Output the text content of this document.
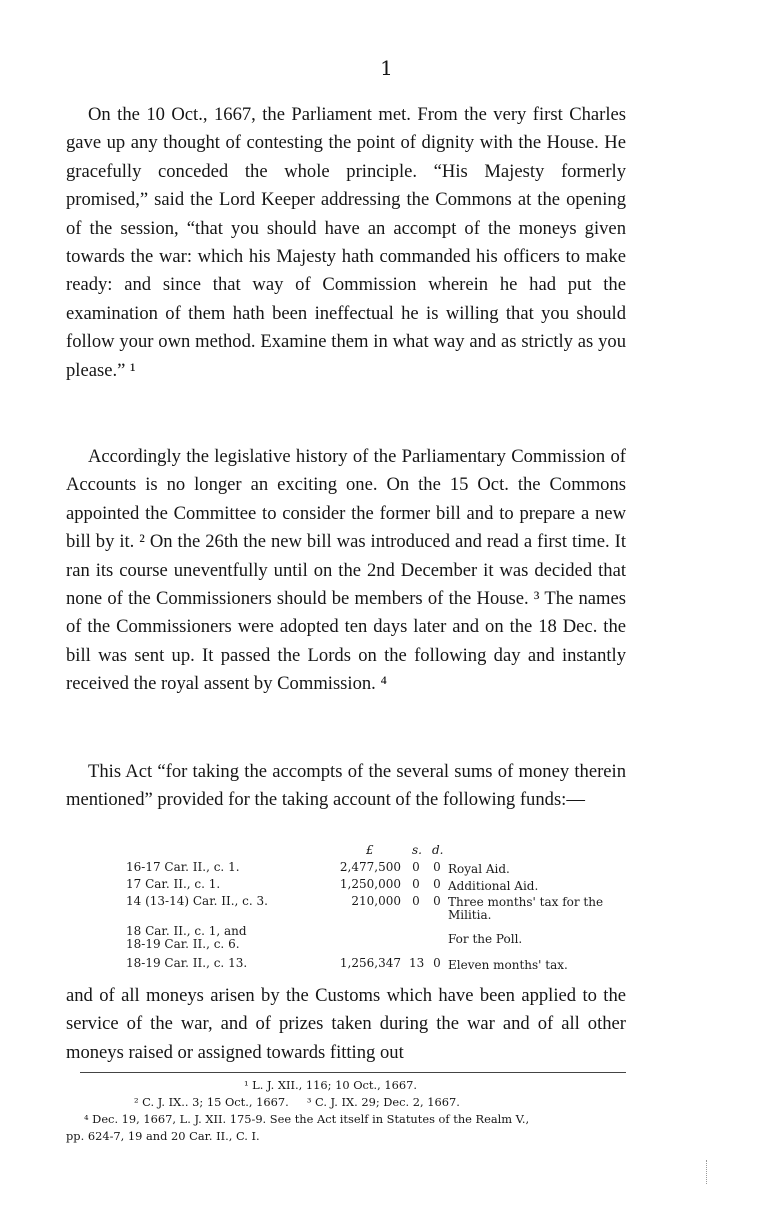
1

On the 10 Oct., 1667, the Parliament met. From the very first Charles gave up any thought of contesting the point of dignity with the House. He gracefully conceded the whole principle. “His Majesty formerly promised,” said the Lord Keeper addressing the Commons at the opening of the session, “that you should have an accompt of the moneys given towards the war: which his Majesty hath commanded his officers to make ready: and since that way of Commission wherein he had put the examination of them hath been ineffectual he is willing that you should follow your own method. Examine them in what way and as strictly as you please.” ¹

Accordingly the legislative history of the Parliamentary Commission of Accounts is no longer an exciting one. On the 15 Oct. the Commons appointed the Committee to consider the former bill and to prepare a new bill by it. ² On the 26th the new bill was introduced and read a first time. It ran its course uneventfully until on the 2nd December it was decided that none of the Commissioners should be members of the House. ³ The names of the Commissioners were adopted ten days later and on the 18 Dec. the bill was sent up. It passed the Lords on the following day and instantly received the royal assent by Commission. ⁴

This Act “for taking the accompts of the several sums of money therein mentioned” provided for the taking account of the following funds:—

£	s. d.
16-17 Car. II., c. 1.	2,477,500 0 0 Royal Aid.
17 Car. II., c. 1.	1,250,000 0 0 Additional Aid.
14 (13-14) Car. II., c. 3.	210,000 0 0 Three months' tax for the Militia.
18 Car. II., c. 1, and
18-19 Car. II., c. 6.	For the Poll.
18-19 Car. II., c. 13.	1,256,347 13 0 Eleven months' tax.

and of all moneys arisen by the Customs which have been applied to the service of the war, and of prizes taken during the war and of all other moneys raised or assigned towards fitting out

¹ L. J. XII., 116; 10 Oct., 1667.
² C. J. IX.. 3; 15 Oct., 1667.     ³ C. J. IX. 29; Dec. 2, 1667.
⁴ Dec. 19, 1667, L. J. XII. 175-9. See the Act itself in Statutes of the Realm V.,
pp. 624-7, 19 and 20 Car. II., C. I.
